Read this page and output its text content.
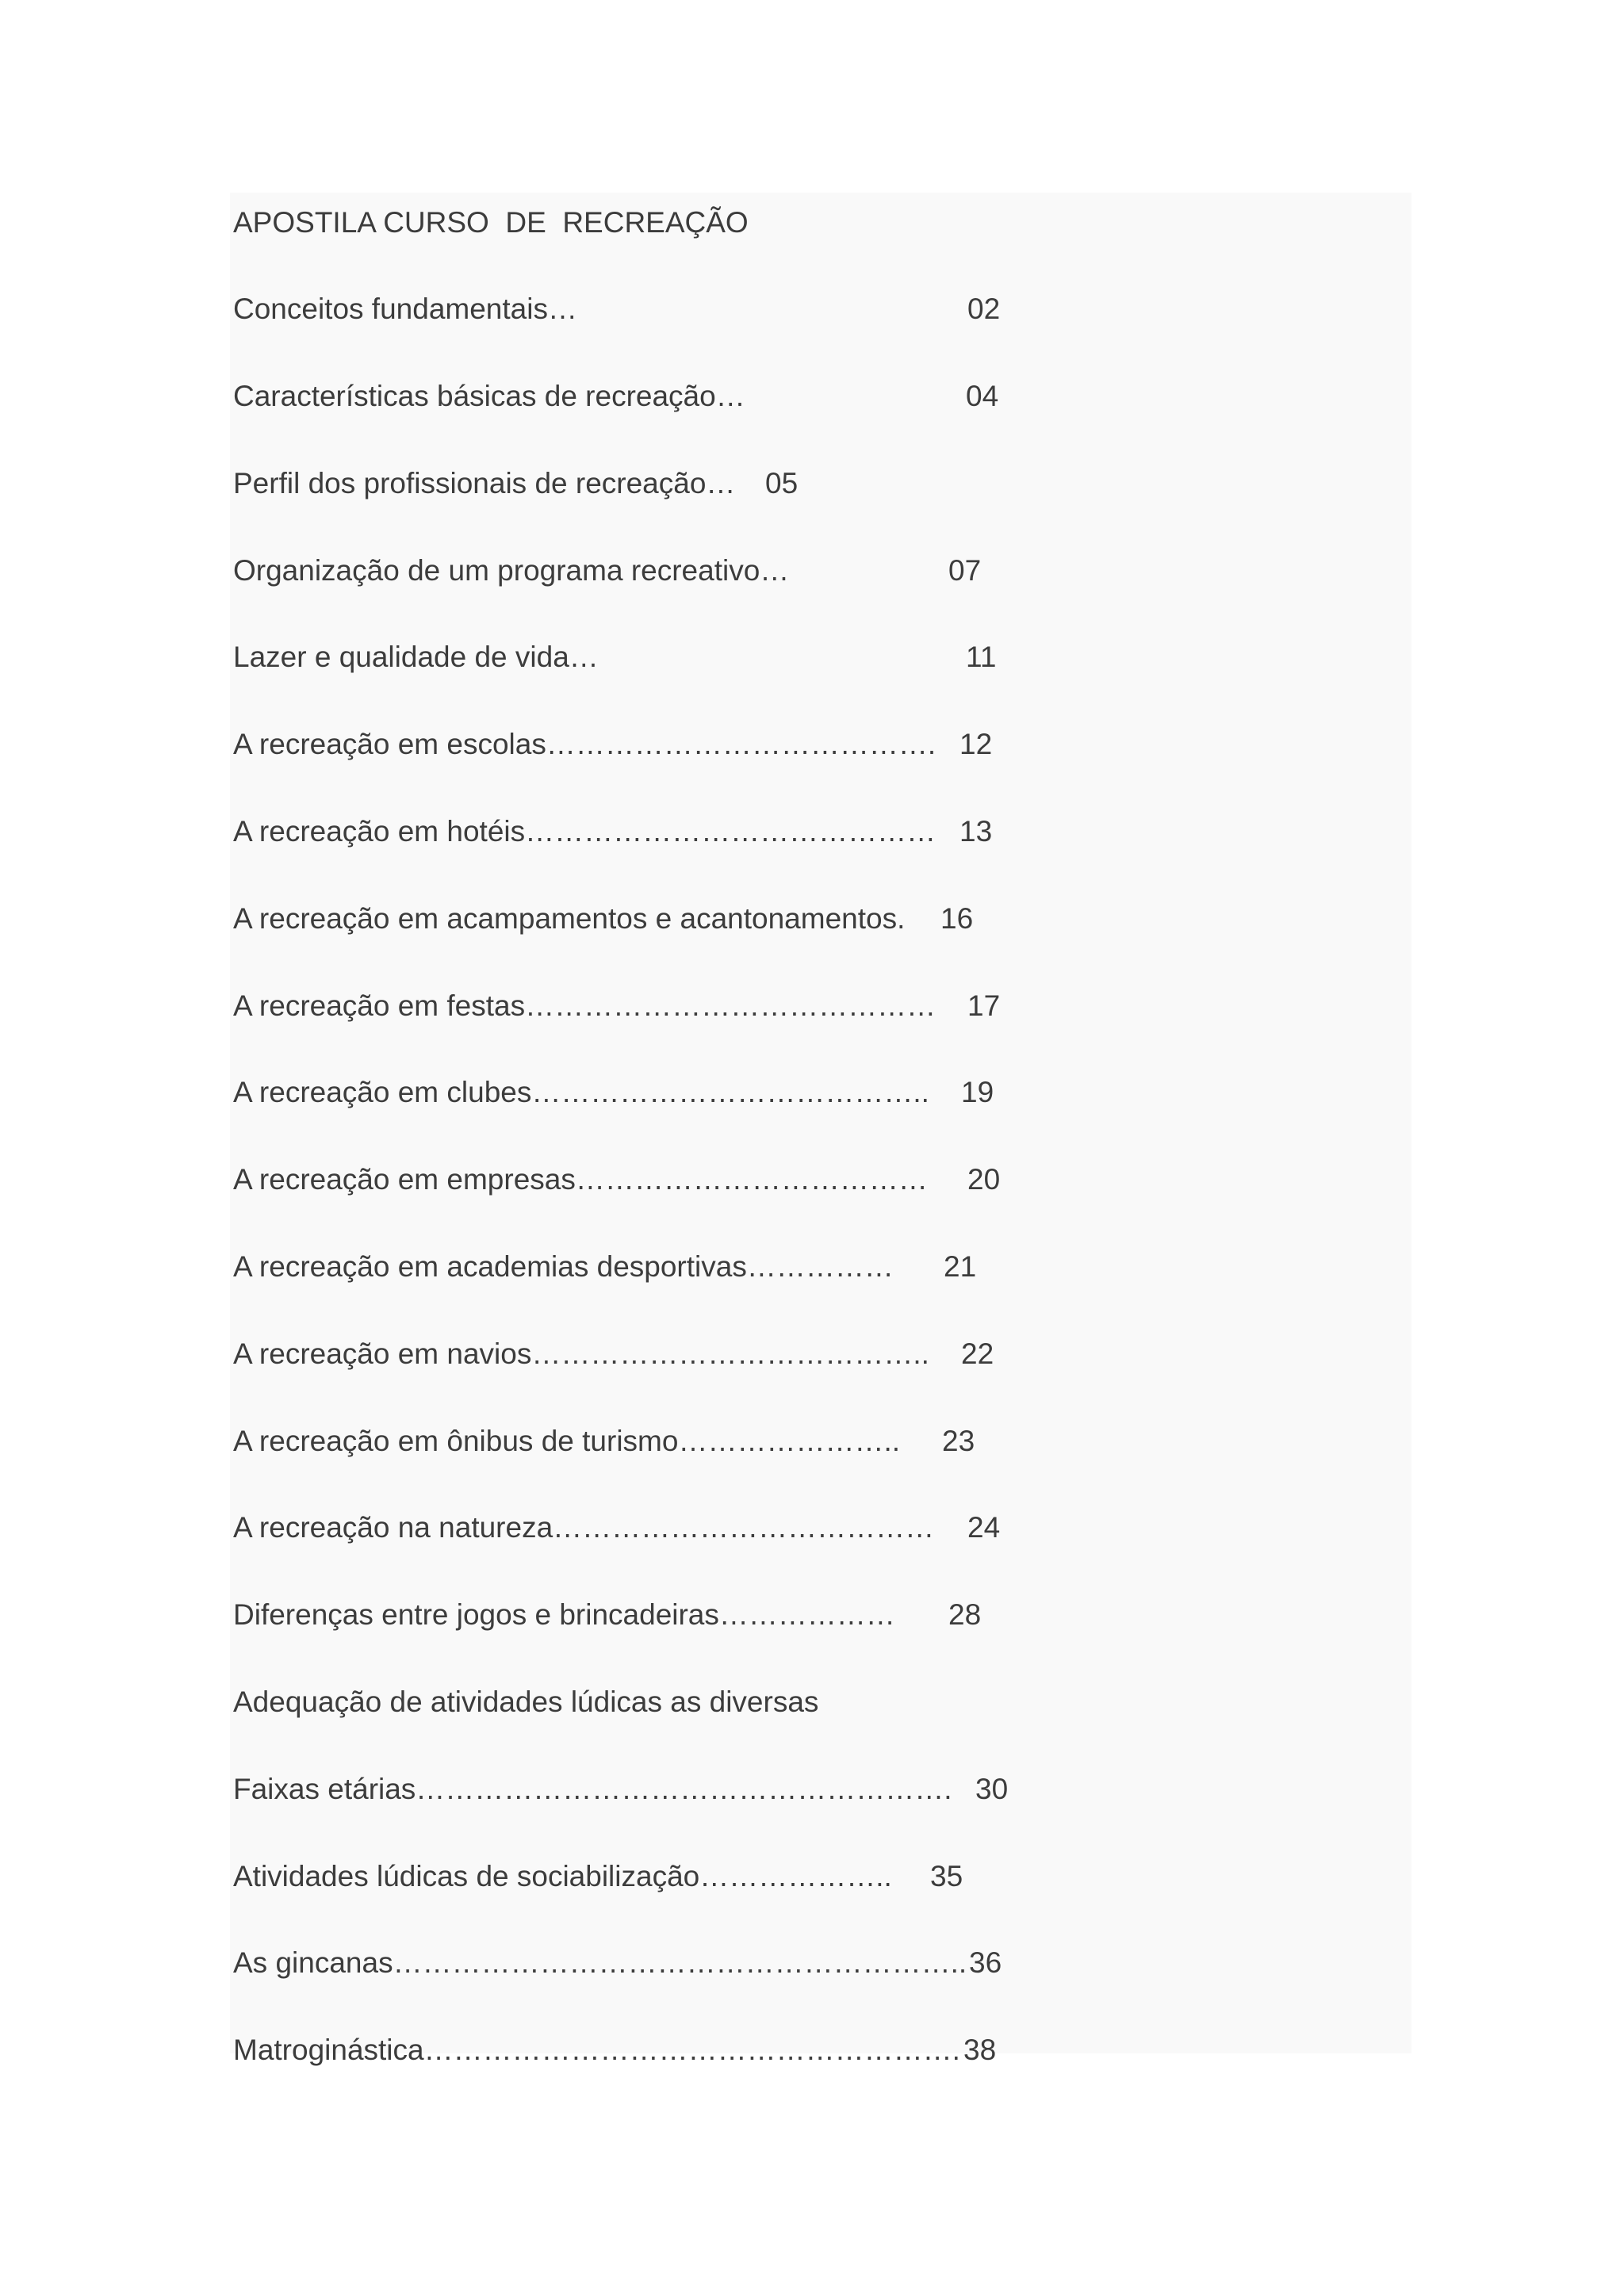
APOSTILA CURSO  DE  RECREAÇÃO

Conceitos fundamentais…	02

Características básicas de recreação…	04

Perfil dos profissionais de recreação… 05

Organização de um programa recreativo…	07

Lazer e qualidade de vida…	11

A recreação em escolas…………………………………. 12

A recreação em hotéis…………………………………… 13

A recreação em acampamentos e acantonamentos. 16

A recreação em festas…………………………………… 17

A recreação em clubes………………………………….. 19

A recreação em empresas……………………………… 20

A recreação em academias desportivas…………… 21

A recreação em navios………………………………….. 22

A recreação em ônibus de turismo………………….. 23

A recreação na natureza………………………………… 24

Diferenças entre jogos e brincadeiras……………… 28

Adequação de atividades lúdicas as diversas

Faixas etárias………………………………………………. 30

Atividades lúdicas de sociabilização……………….. 35

As gincanas………………………………………………….. 36

Matroginástica………………………………………………. 38
